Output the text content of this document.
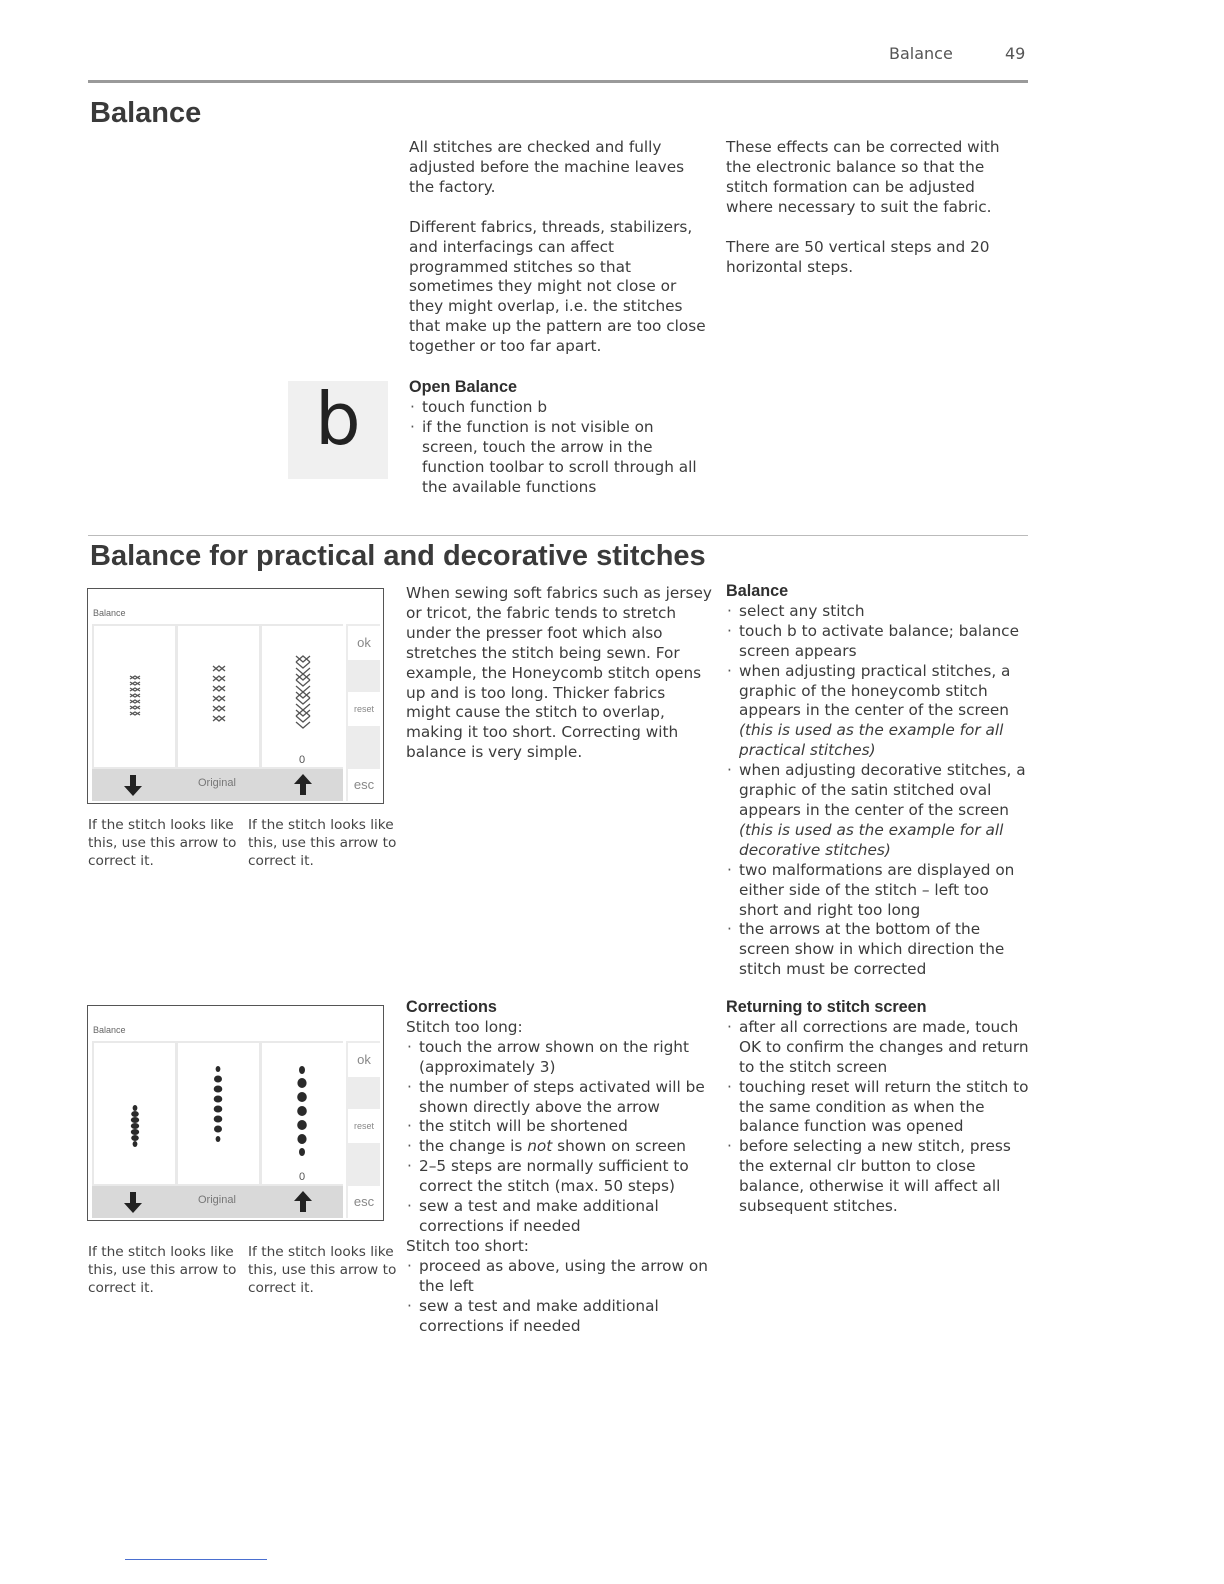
Balance	49
Balance

All stitches are checked and fully adjusted before the machine leaves the factory.

Different fabrics, threads, stabilizers, and interfacings can affect programmed stitches so that sometimes they might not close or they might overlap, i.e. the stitches that make up the pattern are too close together or too far apart.

These effects can be corrected with the electronic balance so that the stitch formation can be adjusted where necessary to suit the fabric.

There are 50 vertical steps and 20 horizontal steps.

b	Open Balance
· touch function b
· if the function is not visible on screen, touch the arrow in the function toolbar to scroll through all the available functions
Balance for practical and decorative stitches
Balance
0
Original
ok
reset
esc
If the stitch looks like this, use this arrow to correct it.
If the stitch looks like this, use this arrow to correct it.

When sewing soft fabrics such as jersey or tricot, the fabric tends to stretch under the presser foot which also stretches the stitch being sewn. For example, the Honeycomb stitch opens up and is too long. Thicker fabrics might cause the stitch to overlap, making it too short. Correcting with balance is very simple.

Balance
· select any stitch
· touch b to activate balance; balance screen appears
· when adjusting practical stitches, a graphic of the honeycomb stitch appears in the center of the screen (this is used as the example for all practical stitches)
· when adjusting decorative stitches, a graphic of the satin stitched oval appears in the center of the screen (this is used as the example for all decorative stitches)
· two malformations are displayed on either side of the stitch – left too short and right too long
· the arrows at the bottom of the screen show in which direction the stitch must be corrected
Balance
0
Original
ok
reset
esc
If the stitch looks like this, use this arrow to correct it.
If the stitch looks like this, use this arrow to correct it.
Corrections
Stitch too long:
· touch the arrow shown on the right (approximately 3)
· the number of steps activated will be shown directly above the arrow
· the stitch will be shortened
· the change is not shown on screen
· 2–5 steps are normally sufficient to correct the stitch (max. 50 steps)
· sew a test and make additional corrections if needed
Stitch too short:
· proceed as above, using the arrow on the left
· sew a test and make additional corrections if needed
Returning to stitch screen
· after all corrections are made, touch OK to confirm the changes and return to the stitch screen
· touching reset will return the stitch to the same condition as when the balance function was opened
· before selecting a new stitch, press the external clr button to close balance, otherwise it will affect all subsequent stitches.
